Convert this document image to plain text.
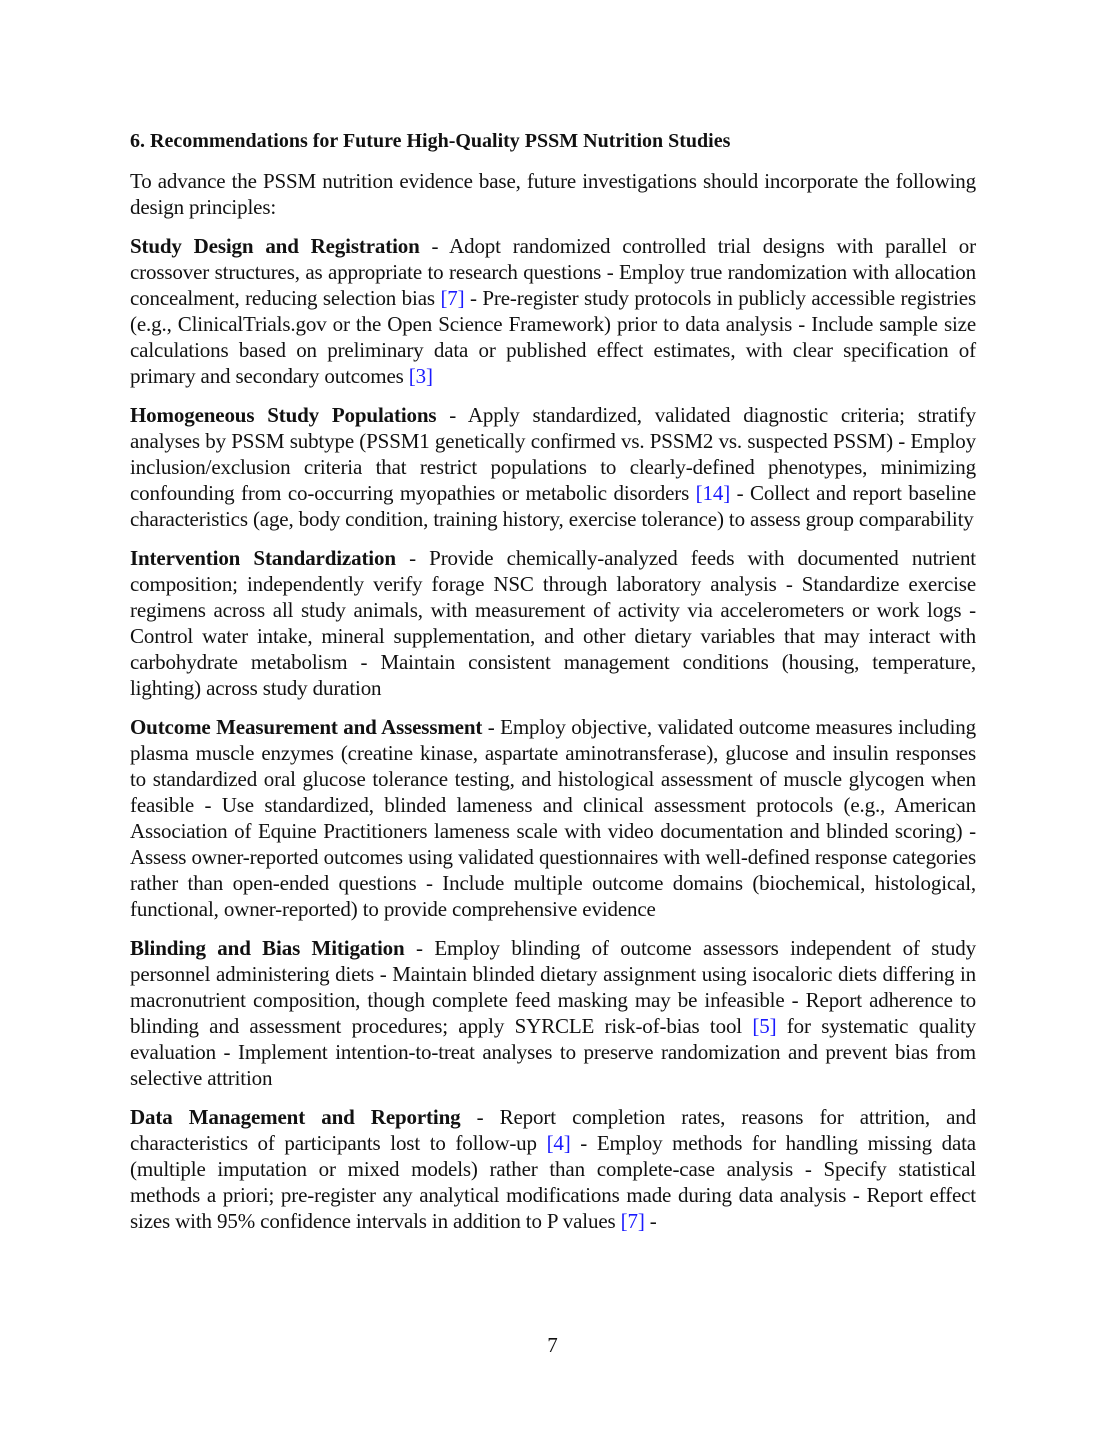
6. Recommendations for Future High-Quality PSSM Nutrition Studies

To advance the PSSM nutrition evidence base, future investigations should incorporate the following design principles:

Study Design and Registration - Adopt randomized controlled trial designs with parallel or crossover structures, as appropriate to research questions - Employ true randomization with allocation concealment, reducing selection bias [7] - Pre-register study protocols in publicly accessible registries (e.g., ClinicalTrials.gov or the Open Science Framework) prior to data analysis - Include sample size calculations based on preliminary data or published effect estimates, with clear specification of primary and secondary outcomes [3]

Homogeneous Study Populations - Apply standardized, validated diagnostic criteria; stratify analyses by PSSM subtype (PSSM1 genetically confirmed vs. PSSM2 vs. suspected PSSM) - Employ inclusion/exclusion criteria that restrict populations to clearly-defined phenotypes, minimizing confounding from co-occurring myopathies or metabolic disorders [14] - Collect and report baseline characteristics (age, body condition, training history, exercise tolerance) to assess group comparability

Intervention Standardization - Provide chemically-analyzed feeds with documented nutrient composition; independently verify forage NSC through laboratory analysis - Standardize exercise regimens across all study animals, with measurement of activity via accelerometers or work logs - Control water intake, mineral supplementation, and other dietary variables that may interact with carbohydrate metabolism - Maintain consistent management conditions (housing, temperature, lighting) across study duration

Outcome Measurement and Assessment - Employ objective, validated outcome measures including plasma muscle enzymes (creatine kinase, aspartate aminotransferase), glucose and insulin responses to standardized oral glucose tolerance testing, and histological assessment of muscle glycogen when feasible - Use standardized, blinded lameness and clinical assessment protocols (e.g., American Association of Equine Practitioners lameness scale with video documentation and blinded scoring) - Assess owner-reported outcomes using validated questionnaires with well-defined response categories rather than open-ended questions - Include multiple outcome domains (biochemical, histological, functional, owner-reported) to provide comprehensive evidence

Blinding and Bias Mitigation - Employ blinding of outcome assessors independent of study personnel administering diets - Maintain blinded dietary assignment using isocaloric diets differing in macronutrient composition, though complete feed masking may be infeasible - Report adherence to blinding and assessment procedures; apply SYRCLE risk-of-bias tool [5] for systematic quality evaluation - Implement intention-to-treat analyses to preserve randomization and prevent bias from selective attrition

Data Management and Reporting - Report completion rates, reasons for attrition, and characteristics of participants lost to follow-up [4] - Employ methods for handling missing data (multiple imputation or mixed models) rather than complete-case analysis - Specify statistical methods a priori; pre-register any analytical modifications made during data analysis - Report effect sizes with 95% confidence intervals in addition to P values [7] -

7
